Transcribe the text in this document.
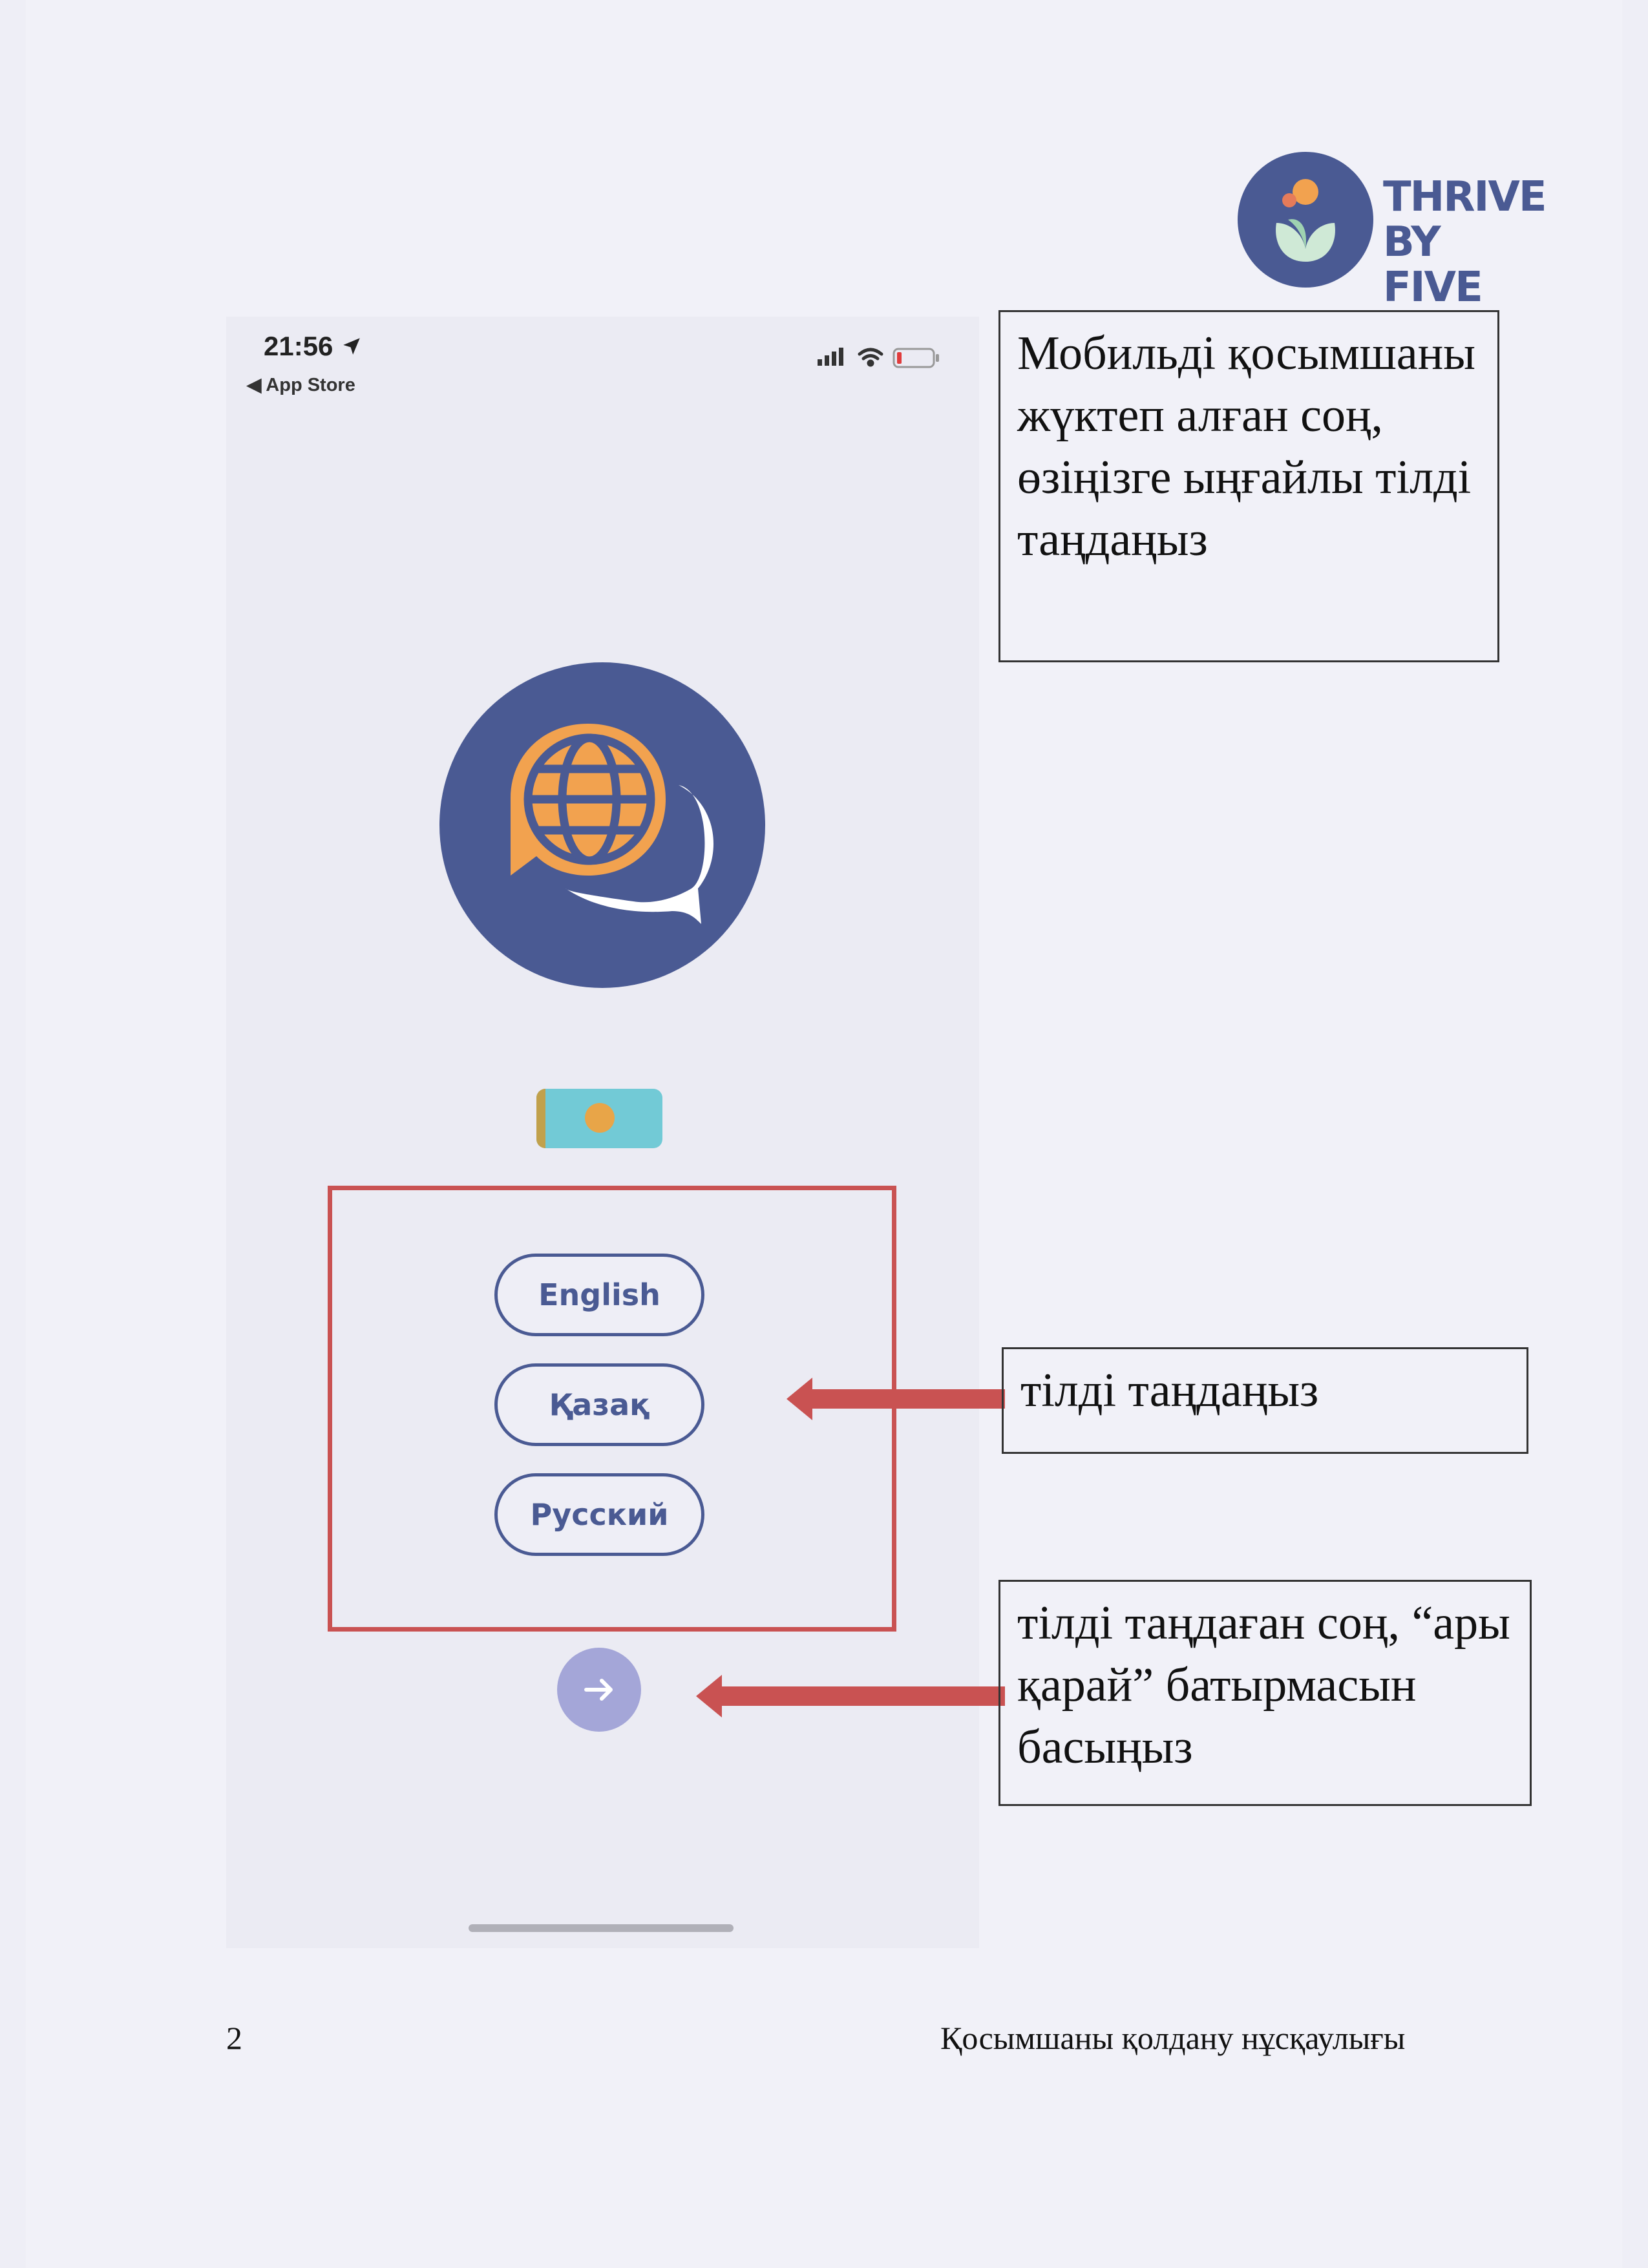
THRIVE
BY FIVE
21:56
◀ App Store
English
Қазақ
Русский
Мобильді қосымшаны жүктеп алған соң, өзіңізге ыңғайлы тілді таңдаңыз
тілді таңдаңыз
тілді таңдаған соң, “ары қарай” батырмасын басыңыз
2	Қосымшаны қолдану нұсқаулығы
